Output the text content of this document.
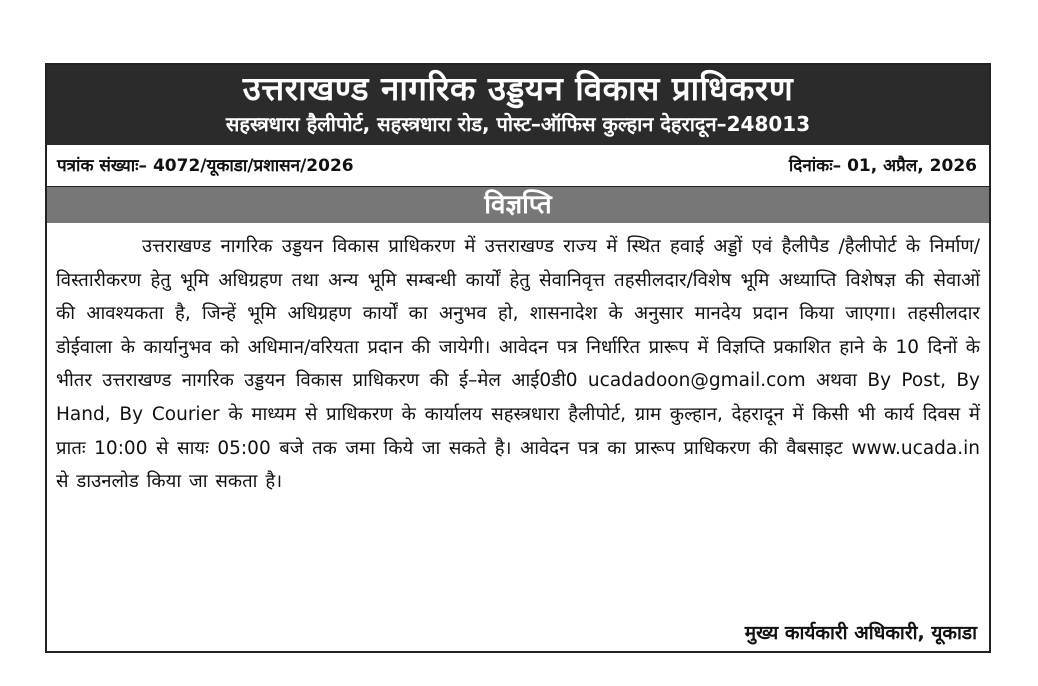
उत्तराखण्ड नागरिक उड्डयन विकास प्राधिकरण
सहस्त्रधारा हैलीपोर्ट, सहस्त्रधारा रोड, पोस्ट–ऑफिस कुल्हान देहरादून–248013
पत्रांक संख्याः– 4072/यूकाडा/प्रशासन/2026	दिनांकः– 01, अप्रैल, 2026
विज्ञप्ति

उत्तराखण्ड नागरिक उड्डयन विकास प्राधिकरण में उत्तराखण्ड राज्य में स्थित हवाई अड्डों एवं हैलीपैड /हैलीपोर्ट के निर्माण/विस्तारीकरण हेतु भूमि अधिग्रहण तथा अन्य भूमि सम्बन्धी कार्यों हेतु सेवानिवृत्त तहसीलदार/विशेष भूमि अध्याप्ति विशेषज्ञ की सेवाओं की आवश्यकता है, जिन्हें भूमि अधिग्रहण कार्यों का अनुभव हो, शासनादेश के अनुसार मानदेय प्रदान किया जाएगा। तहसीलदार डोईवाला के कार्यानुभव को अधिमान/वरियता प्रदान की जायेगी। आवेदन पत्र निर्धारित प्रारूप में विज्ञप्ति प्रकाशित हाने के 10 दिनों के भीतर उत्तराखण्ड नागरिक उड्डयन विकास प्राधिकरण की ई–मेल आई0डी0 ucadadoon@gmail.com अथवा By Post, By Hand, By Courier के माध्यम से प्राधिकरण के कार्यालय सहस्त्रधारा हैलीपोर्ट, ग्राम कुल्हान, देहरादून में किसी भी कार्य दिवस में प्रातः 10:00 से सायः 05:00 बजे तक जमा किये जा सकते है। आवेदन पत्र का प्रारूप प्राधिकरण की वैबसाइट www.ucada.in से डाउनलोड किया जा सकता है।

मुख्य कार्यकारी अधिकारी, यूकाडा
